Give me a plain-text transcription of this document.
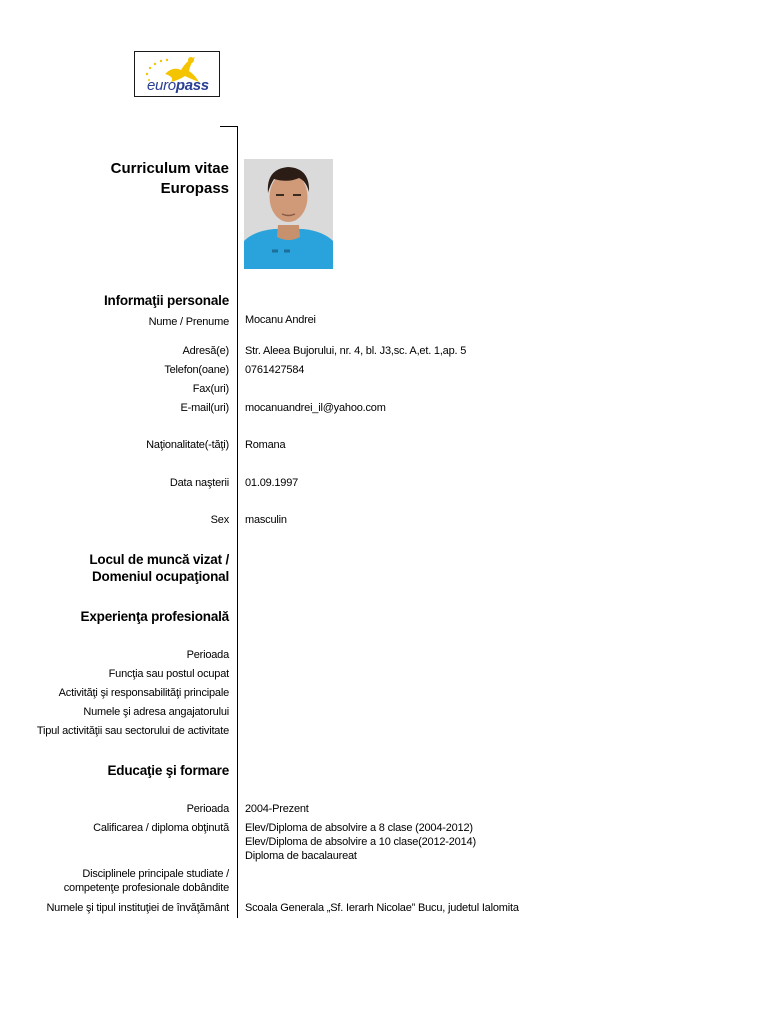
europass
Curriculum vitae
Europass
Informaţii personale
Nume / Prenume Mocanu Andrei
Adresă(e) Str. Aleea Bujorului, nr. 4, bl. J3,sc. A,et. 1,ap. 5
Telefon(oane) 0761427584
Fax(uri)
E-mail(uri) mocanuandrei_il@yahoo.com
Naţionalitate(-tăţi) Romana
Data naşterii 01.09.1997
Sex masculin
Locul de muncă vizat /
Domeniul ocupaţional
Experienţa profesională
Perioada
Funcţia sau postul ocupat
Activităţi şi responsabilităţi principale
Numele şi adresa angajatorului
Tipul activităţii sau sectorului de activitate
Educaţie şi formare
Perioada 2004-Prezent
Calificarea / diploma obţinută Elev/Diploma de absolvire a 8 clase (2004-2012)
Elev/Diploma de absolvire a 10 clase(2012-2014)
Diploma de bacalaureat
Disciplinele principale studiate /
competenţe profesionale dobândite
Numele şi tipul instituţiei de învăţământ Scoala Generala „Sf. Ierarh Nicolae” Bucu, judetul Ialomita
